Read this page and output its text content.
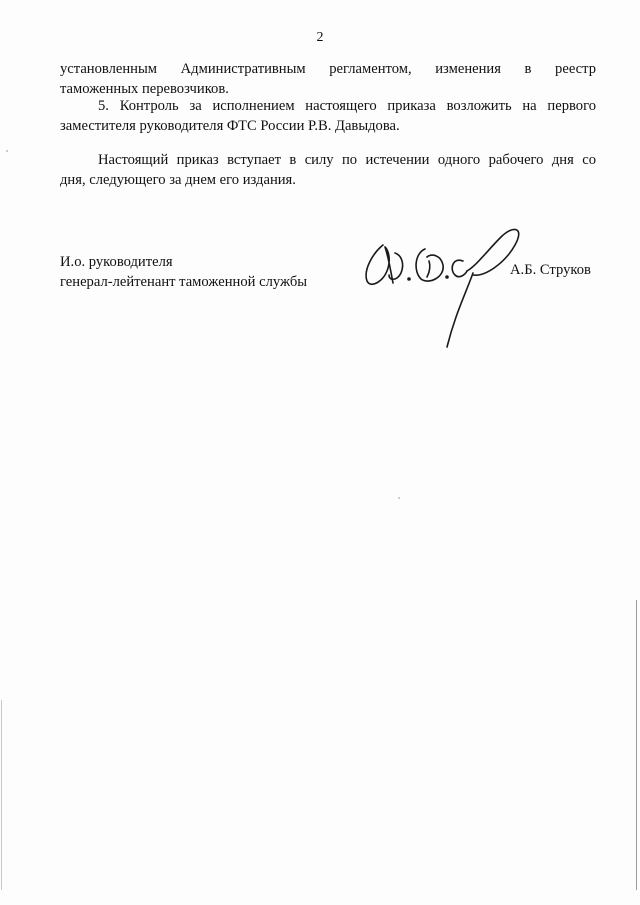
2
установленным Административным регламентом, изменения в реестр
таможенных перевозчиков.
5. Контроль за исполнением настоящего приказа возложить на первого
заместителя руководителя ФТС России Р.В. Давыдова.
Настоящий приказ вступает в силу по истечении одного рабочего дня со
дня, следующего за днем его издания.
И.о. руководителя
генерал-лейтенант таможенной службы
А.Б. Струков
